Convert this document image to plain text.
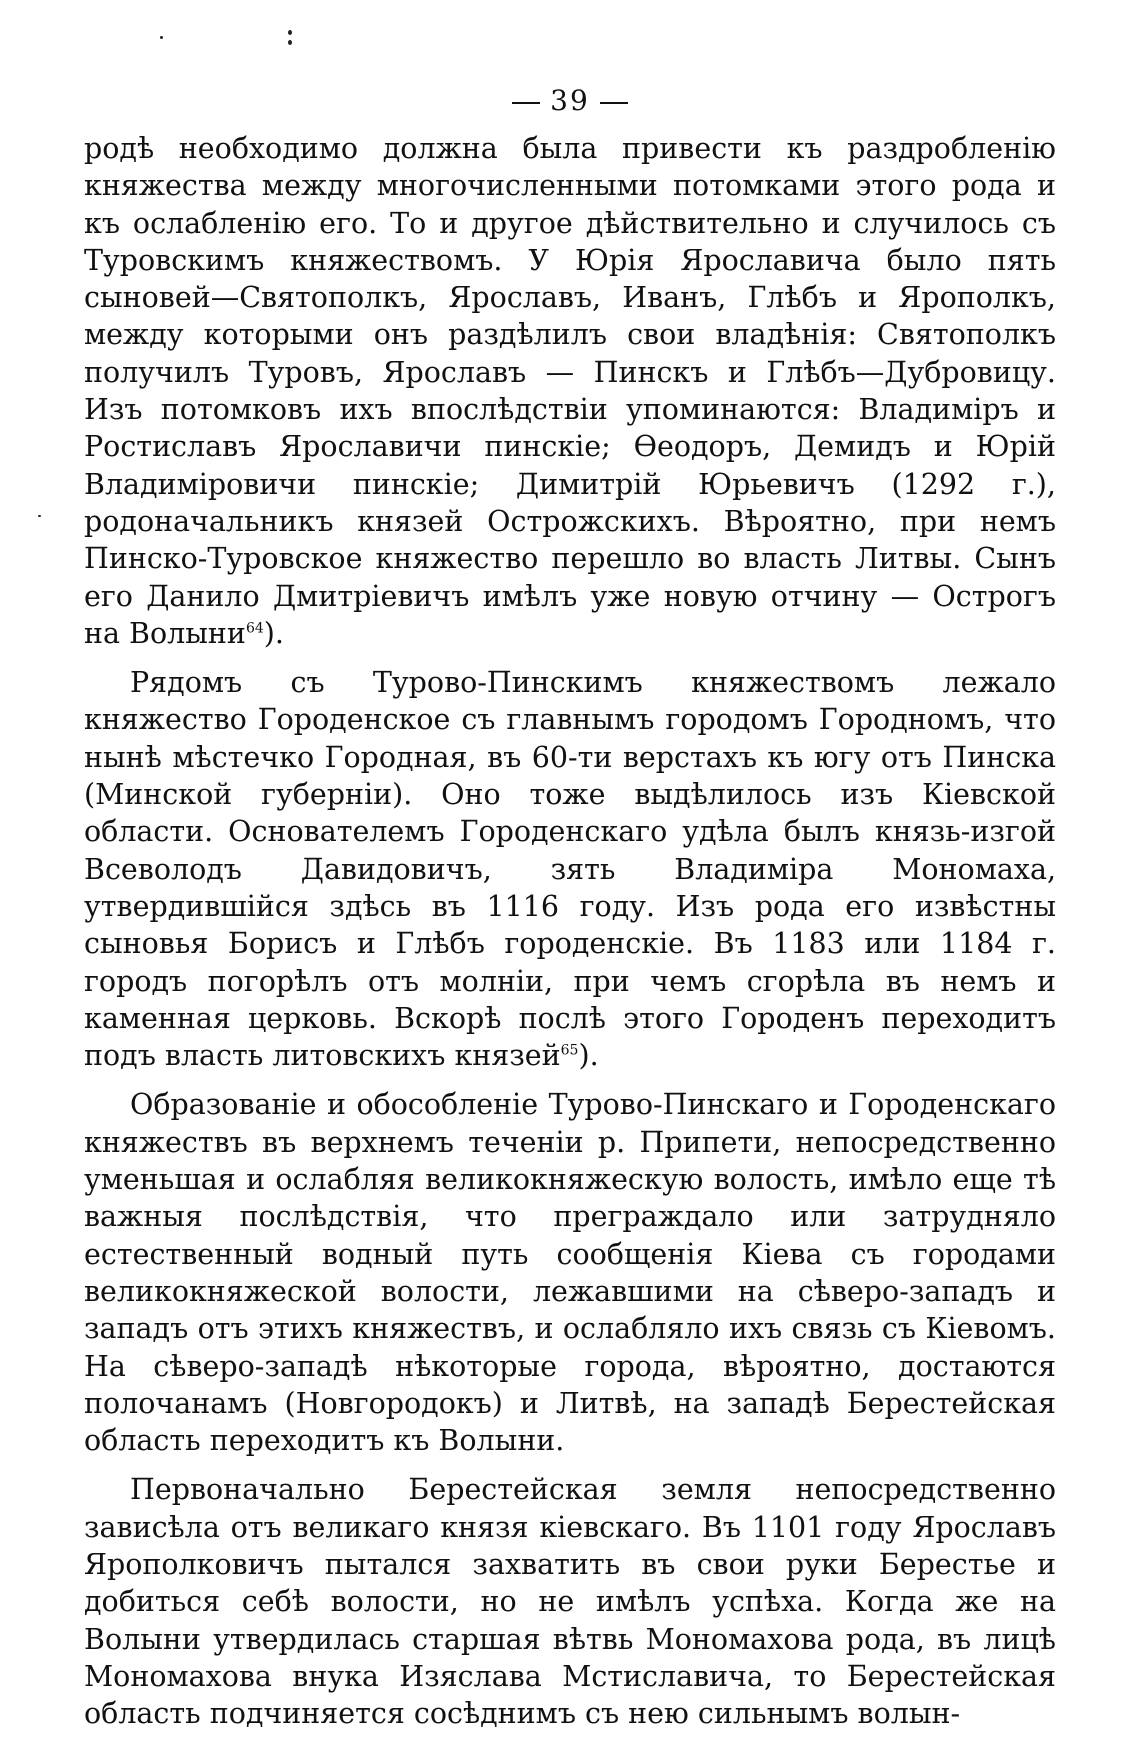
39

родѣ необходимо должна была привести къ раздробленію княжества между многочисленными потомками этого рода и къ ослабленію его. То и другое дѣйствительно и случилось съ Туровскимъ княжествомъ. У Юрія Ярославича было пять сыновей—Святополкъ, Ярославъ, Иванъ, Глѣбъ и Ярополкъ, между которыми онъ раздѣлилъ свои владѣнія: Святополкъ получилъ Туровъ, Ярославъ — Пинскъ и Глѣбъ—Дубровицу. Изъ потомковъ ихъ впослѣдствіи упоминаются: Владиміръ и Ростиславъ Ярославичи пинскіе; Ѳеодоръ, Демидъ и Юрій Владиміровичи пинскіе; Димитрій Юрьевичъ (1292 г.), родоначальникъ князей Острожскихъ. Вѣроятно, при немъ Пинско-Туровское княжество перешло во власть Литвы. Сынъ его Данило Дмитріевичъ имѣлъ уже новую отчину — Острогъ на Волыни$^{64}$).

Рядомъ съ Турово-Пинскимъ княжествомъ лежало княжество Городенское съ главнымъ городомъ Городномъ, что нынѣ мѣстечко Городная, въ 60-ти верстахъ къ югу отъ Пинска (Минской губерніи). Оно тоже выдѣлилось изъ Кіевской области. Основателемъ Городенскаго удѣла былъ князь-изгой Всеволодъ Давидовичъ, зять Владиміра Мономаха, утвердившійся здѣсь въ 1116 году. Изъ рода его извѣстны сыновья Борисъ и Глѣбъ городенскіе. Въ 1183 или 1184 г. городъ погорѣлъ отъ молніи, при чемъ сгорѣла въ немъ и каменная церковь. Вскорѣ послѣ этого Городенъ переходитъ подъ власть литовскихъ князей$^{65}$).

Образованіе и обособленіе Турово-Пинскаго и Городенскаго княжествъ въ верхнемъ теченіи р. Припети, непосредственно уменьшая и ослабляя великокняжескую волость, имѣло еще тѣ важныя послѣдствія, что преграждало или затрудняло естественный водный путь сообщенія Кіева съ городами великокняжеской волости, лежавшими на сѣверо-западъ и западъ отъ этихъ княжествъ, и ослабляло ихъ связь съ Кіевомъ. На сѣверо-западѣ нѣкоторые города, вѣроятно, достаются полочанамъ (Новгородокъ) и Литвѣ, на западѣ Берестейская область переходитъ къ Волыни.

Первоначально Берестейская земля непосредственно зависѣла отъ великаго князя кіевскаго. Въ 1101 году Ярославъ Ярополковичъ пытался захватить въ свои руки Берестье и добиться себѣ волости, но не имѣлъ успѣха. Когда же на Волыни утвердилась старшая вѣтвь Мономахова рода, въ лицѣ Мономахова внука Изяслава Мстиславича, то Берестейская область подчиняется сосѣднимъ съ нею сильнымъ волын-
